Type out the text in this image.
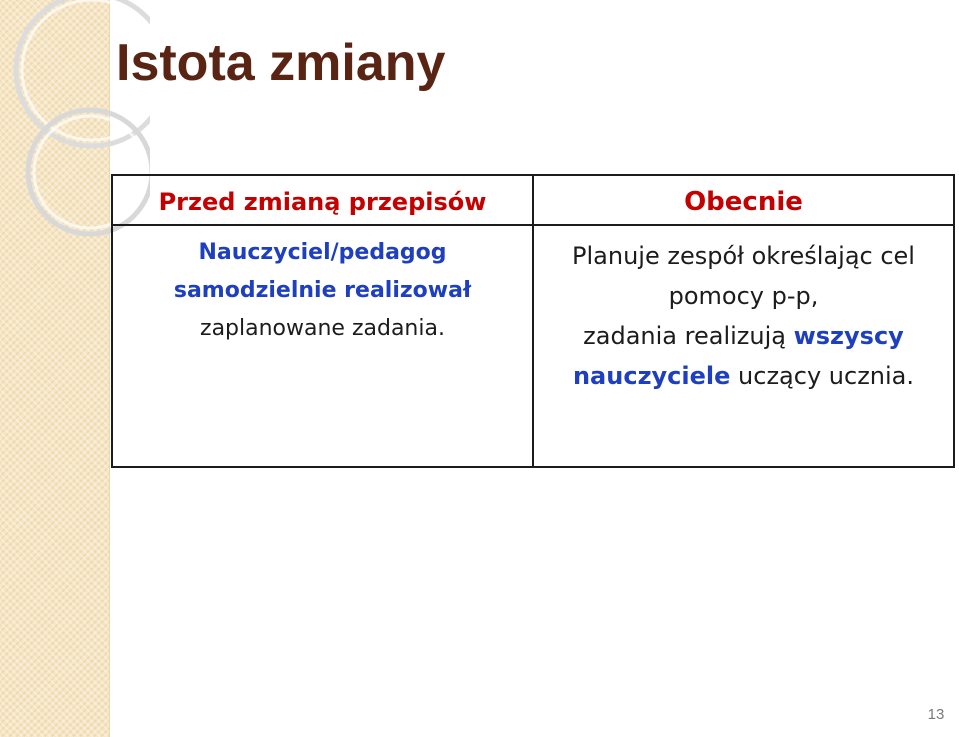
Istota zmiany
Przed zmianą przepisów
Nauczyciel/pedagog
samodzielnie realizował
zaplanowane zadania.
Obecnie
Planuje zespół określając cel
pomocy p-p,
zadania realizują wszyscy
nauczyciele uczący ucznia.
13
